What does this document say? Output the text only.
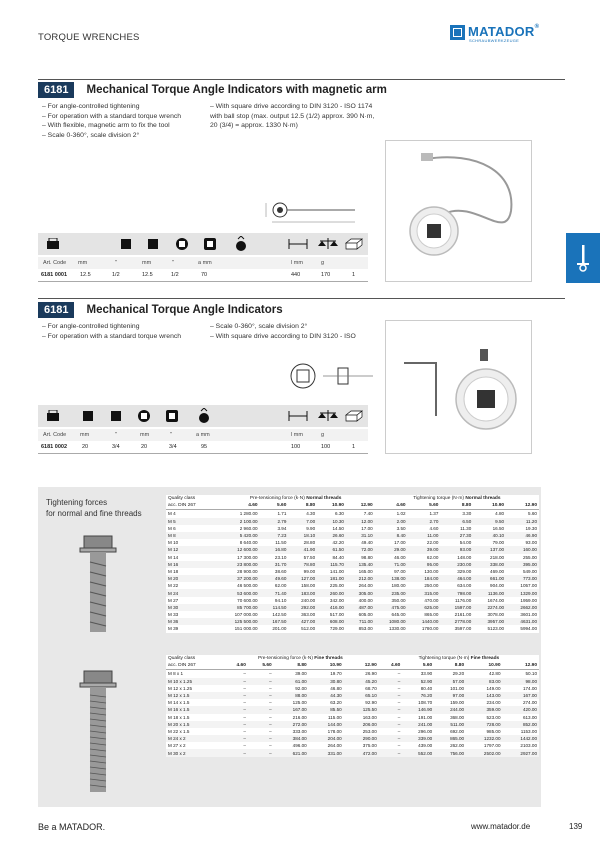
TORQUE WRENCHES	MATADOR®
SCHRAUBWERKZEUGE
6181 Mechanical Torque Angle Indicators with magnetic arm
– For angle-controlled tightening
– For operation with a standard torque wrench
– With flexible, magnetic arm to fix the tool
– Scale 0-360°, scale division 2°
– With square drive according to DIN 3120 - ISO 1174 with ball stop (max. output 12.5 (1/2) approx. 390 N·m, 20 (3/4) = approx. 1330 N·m)
Art. Code mm	"	mm	"	a mm	l mm	g
6181 0001 12.5	1/2	12.5	1/2	70	440	170	1
6181 Mechanical Torque Angle Indicators
– For angle-controlled tightening
– For operation with a standard torque wrench
– Scale 0-360°, scale division 2°
– With square drive according to DIN 3120 - ISO
Art. Code	mm	"	mm	"	a mm	l mm	g
6181 0002	20	3/4	20	3/4	95	100	100	1
Tightening forces
for normal and fine threads
Quality class	Pre-tensioning force (k·N) Normal threads					Tightening torque (N·m) Normal threads				
acc. DIN 267	4.60	5.60	8.80	10.90	12.90	4.60	5.60	8.80	10.90	12.90
M 4	1 280.00	1.71	4.30	6.30	7.40	1.02	1.37	3.30	4.80	5.60
M 5	2 100.00	2.79	7.00	10.30	12.00	2.00	2.70	6.50	9.50	11.20
M 6	2 960.00	3.94	9.90	14.50	17.00	3.50	4.60	11.30	16.50	19.30
M 8	5 420.00	7.23	18.10	26.60	31.10	8.40	11.00	27.30	40.10	46.90
M 10	8 640.00	11.50	28.80	42.20	49.40	17.00	22.00	54.00	79.00	93.00
M 12	12 600.00	16.80	41.90	61.50	72.00	29.00	39.00	93.00	137.00	160.00
M 14	17 300.00	23.10	57.50	84.40	98.80	46.00	62.00	148.00	218.00	255.00
M 16	23 800.00	31.70	78.80	115.70	135.40	71.00	95.00	230.00	338.00	395.00
M 18	28 900.00	38.60	99.00	141.00	165.00	97.00	130.00	329.00	469.00	549.00
M 20	37 200.00	49.60	127.00	181.00	212.00	138.00	184.00	464.00	661.00	773.00
M 22	46 500.00	62.00	158.00	225.00	264.00	180.00	250.00	634.00	904.00	1057.00
M 24	53 600.00	71.40	183.00	260.00	305.00	235.00	315.00	798.00	1136.00	1329.00
M 27	70 600.00	94.10	240.00	342.00	400.00	350.00	470.00	1176.00	1674.00	1959.00
M 30	85 700.00	114.50	292.00	416.00	487.00	475.00	625.00	1597.00	2274.00	2662.00
M 33	107 000.00	142.50	363.00	517.00	605.00	645.00	865.00	2161.00	3078.00	3601.00
M 36	125 500.00	167.50	427.00	608.00	711.00	1080.00	1440.00	2778.00	3957.00	4631.00
M 39	151 000.00	201.00	512.00	729.00	853.00	1330.00	1780.00	3597.00	5123.00	5994.00
Quality class	Pre-tensioning force (k·N) Fine threads					Tightening torque (N·m) Fine threads				
acc. DIN 267	4.60	5.60	8.80	10.90	12.90	4.60	5.60	8.80	10.90	12.90
M 8 x 1	–	–	39.00	19.70	26.90	–	33.90	29.20	42.80	50.10
M 10 x 1.25	–	–	61.00	30.80	45.20	–	52.90	57.00	83.00	98.00
M 12 x 1.25	–	–	92.00	46.80	68.70	–	80.40	101.00	149.00	174.00
M 12 x 1.5	–	–	88.00	44.30	65.10	–	76.20	97.00	143.00	167.00
M 14 x 1.5	–	–	125.00	63.20	92.90	–	108.70	159.00	234.00	274.00
M 16 x 1.5	–	–	167.00	85.50	125.50	–	146.90	244.00	359.00	420.00
M 18 x 1.5	–	–	216.00	115.00	163.00	–	191.00	368.00	523.00	613.00
M 20 x 1.5	–	–	272.00	144.00	206.00	–	241.00	511.00	728.00	852.00
M 22 x 1.5	–	–	333.00	178.00	253.00	–	296.00	692.00	985.00	1153.00
M 24 x 2	–	–	384.00	204.00	290.00	–	339.00	865.00	1232.00	1442.00
M 27 x 2	–	–	496.00	264.00	375.00	–	439.00	262.00	1797.00	2103.00
M 30 x 2	–	–	621.00	331.00	472.00	–	552.00	756.00	2502.00	2927.00
Be a MATADOR.	www.matador.de	139
